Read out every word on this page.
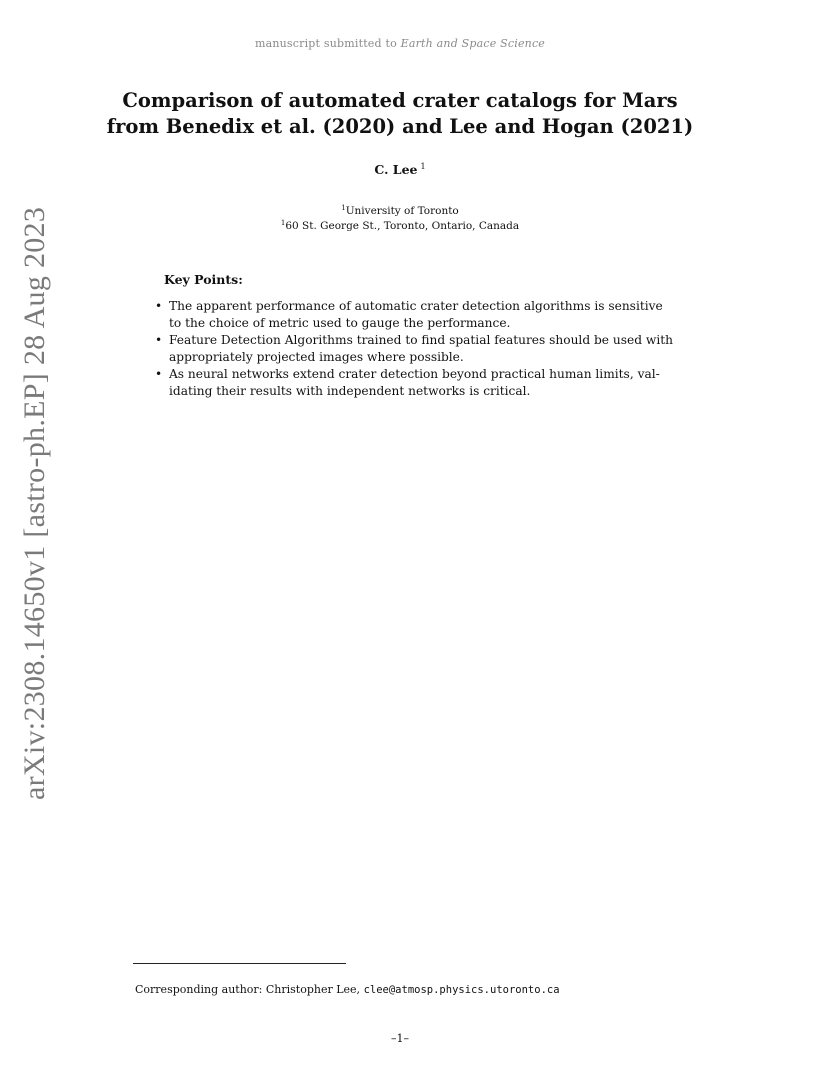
manuscript submitted to Earth and Space Science
arXiv:2308.14650v1 [astro-ph.EP] 28 Aug 2023
Comparison of automated crater catalogs for Mars
from Benedix et al. (2020) and Lee and Hogan (2021)
C. Lee $^1$
$^1$University of Toronto
$^1$60 St. George St., Toronto, Ontario, Canada
Key Points:
• The apparent performance of automatic crater detection algorithms is sensitive
to the choice of metric used to gauge the performance.
• Feature Detection Algorithms trained to find spatial features should be used with
appropriately projected images where possible.
• As neural networks extend crater detection beyond practical human limits, val-
idating their results with independent networks is critical.
Corresponding author: Christopher Lee, clee@atmosp.physics.utoronto.ca
–1–
